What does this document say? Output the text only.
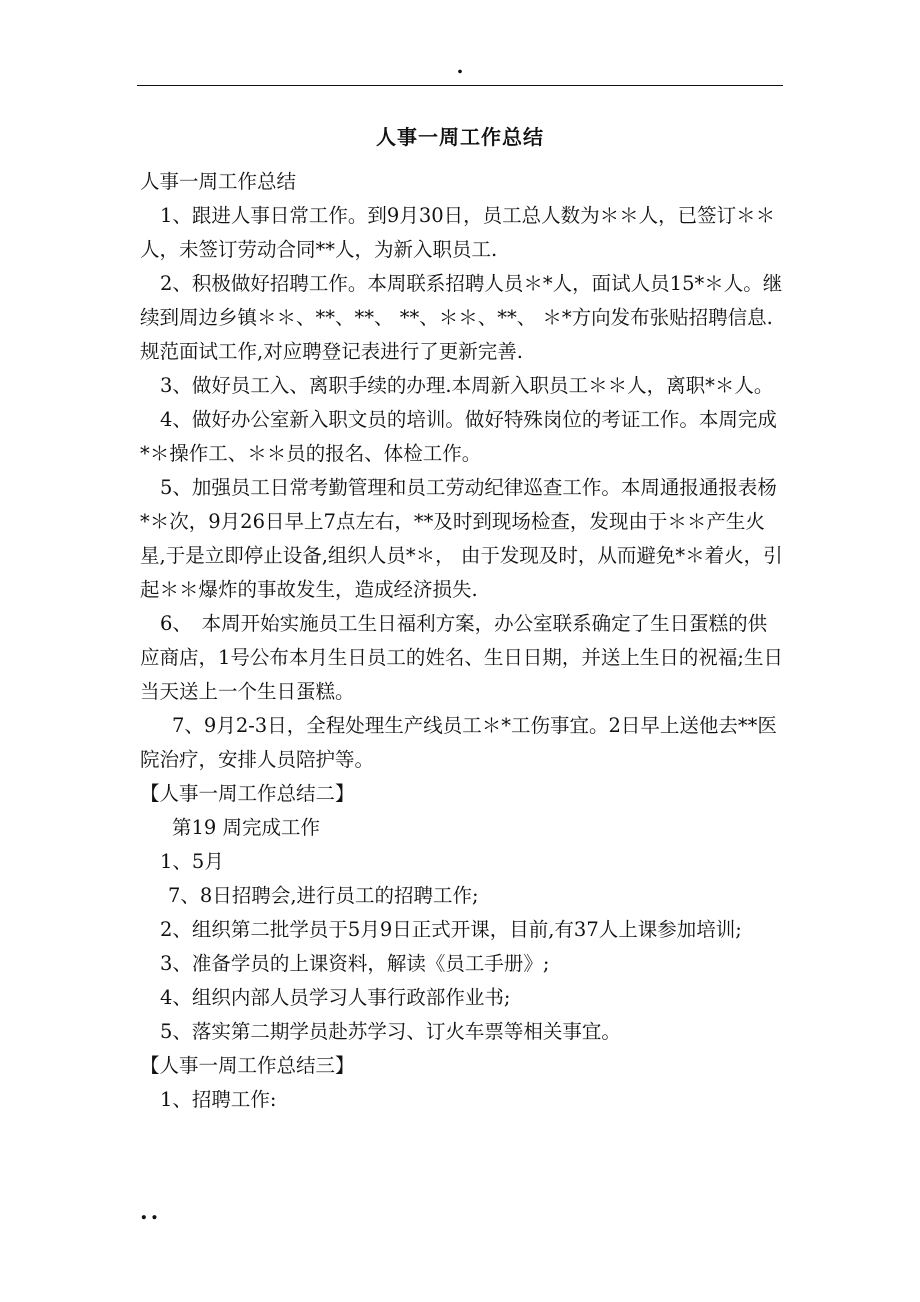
.
人事一周工作总结

人事一周工作总结

1、跟进人事日常工作。到9月30日，员工总人数为＊＊人，已签订＊＊人，未签订劳动合同**人，为新入职员工.

2、积极做好招聘工作。本周联系招聘人员＊*人，面试人员15*＊人。继续到周边乡镇＊＊、**、**、 **、＊＊、**、 ＊*方向发布张贴招聘信息.规范面试工作,对应聘登记表进行了更新完善.

3、做好员工入、离职手续的办理.本周新入职员工＊＊人，离职*＊人。

4、做好办公室新入职文员的培训。做好特殊岗位的考证工作。本周完成*＊操作工、＊＊员的报名、体检工作。

5、加强员工日常考勤管理和员工劳动纪律巡查工作。本周通报通报表杨*＊次，9月26日早上7点左右，**及时到现场检查，发现由于＊＊产生火星,于是立即停止设备,组织人员*＊， 由于发现及时，从而避免*＊着火，引起＊＊爆炸的事故发生，造成经济损失.

6、　本周开始实施员工生日福利方案，办公室联系确定了生日蛋糕的供应商店，1号公布本月生日员工的姓名、生日日期，并送上生日的祝福;生日当天送上一个生日蛋糕。

7、9月2-3日，全程处理生产线员工＊*工伤事宜。2日早上送他去**医院治疗，安排人员陪护等。

【人事一周工作总结二】

第19 周完成工作

1、5月

7、8日招聘会,进行员工的招聘工作;

2、组织第二批学员于5月9日正式开课，目前,有37人上课参加培训;

3、准备学员的上课资料，解读《员工手册》;

4、组织内部人员学习人事行政部作业书;

5、落实第二期学员赴苏学习、订火车票等相关事宜。

【人事一周工作总结三】

1、招聘工作:

..
